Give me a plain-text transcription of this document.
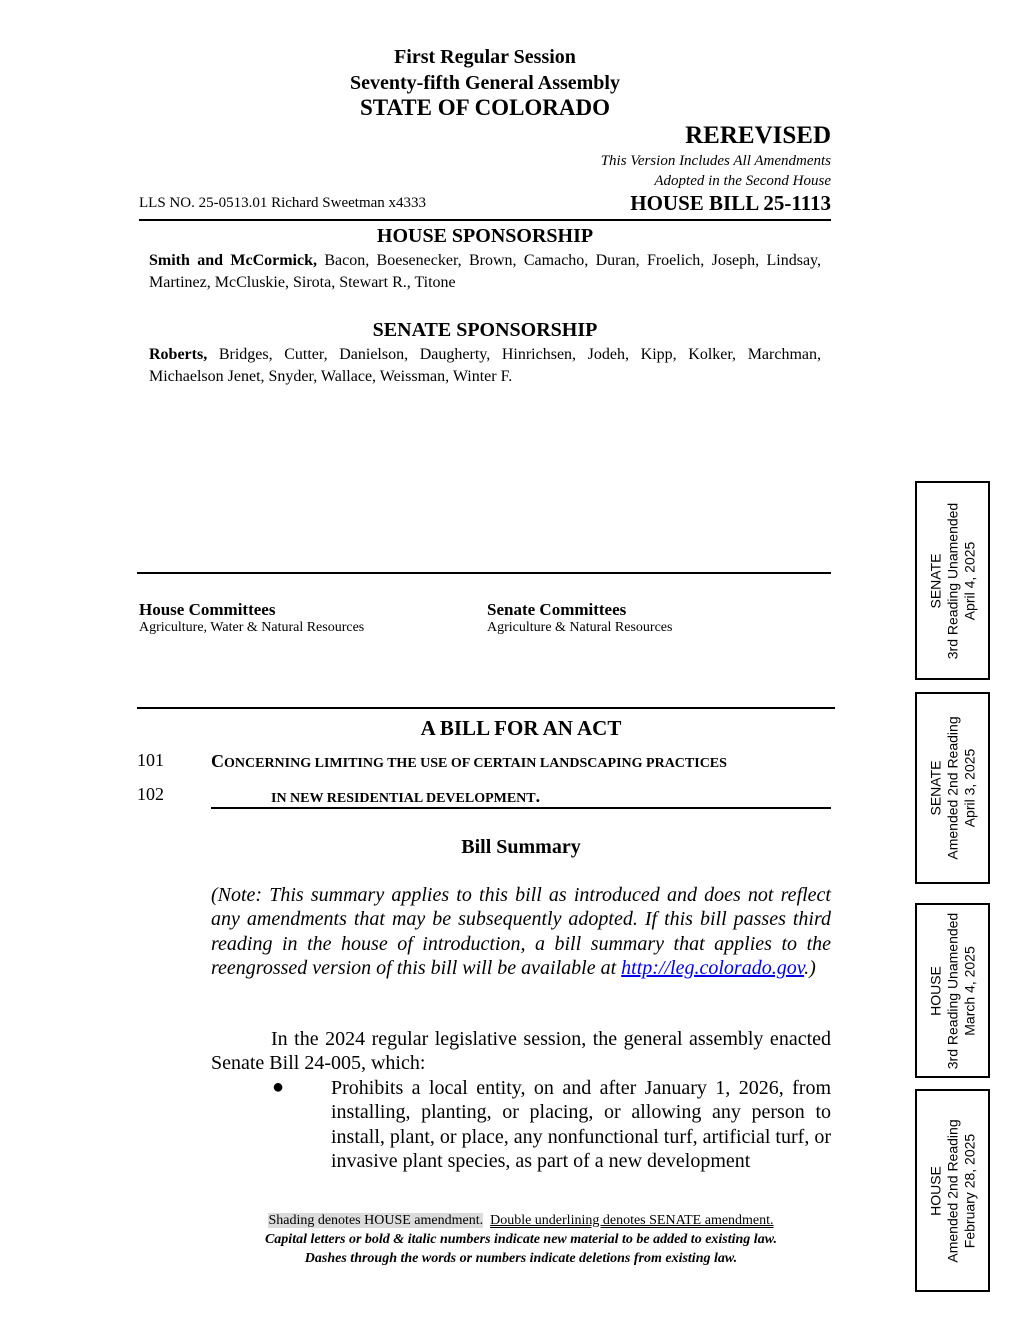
First Regular Session
Seventy-fifth General Assembly
STATE OF COLORADO
REREVISED
This Version Includes All Amendments
Adopted in the Second House
LLS NO. 25-0513.01 Richard Sweetman x4333	HOUSE BILL 25-1113
HOUSE SPONSORSHIP
Smith and McCormick, Bacon, Boesenecker, Brown, Camacho, Duran, Froelich, Joseph, Lindsay, Martinez, McCluskie, Sirota, Stewart R., Titone
SENATE SPONSORSHIP
Roberts, Bridges, Cutter, Danielson, Daugherty, Hinrichsen, Jodeh, Kipp, Kolker, Marchman, Michaelson Jenet, Snyder, Wallace, Weissman, Winter F.
House Committees
Agriculture, Water & Natural Resources
Senate Committees
Agriculture & Natural Resources
A BILL FOR AN ACT
101	CONCERNING LIMITING THE USE OF CERTAIN LANDSCAPING PRACTICES
102	IN NEW RESIDENTIAL DEVELOPMENT.
Bill Summary
(Note: This summary applies to this bill as introduced and does not reflect any amendments that may be subsequently adopted. If this bill passes third reading in the house of introduction, a bill summary that applies to the reengrossed version of this bill will be available at http://leg.colorado.gov.)
In the 2024 regular legislative session, the general assembly enacted Senate Bill 24-005, which:
● Prohibits a local entity, on and after January 1, 2026, from installing, planting, or placing, or allowing any person to install, plant, or place, any nonfunctional turf, artificial turf, or invasive plant species, as part of a new development
Shading denotes HOUSE amendment. Double underlining denotes SENATE amendment.
Capital letters or bold & italic numbers indicate new material to be added to existing law.
Dashes through the words or numbers indicate deletions from existing law.
SENATE 3rd Reading Unamended April 4, 2025
SENATE Amended 2nd Reading April 3, 2025
HOUSE 3rd Reading Unamended March 4, 2025
HOUSE Amended 2nd Reading February 28, 2025
